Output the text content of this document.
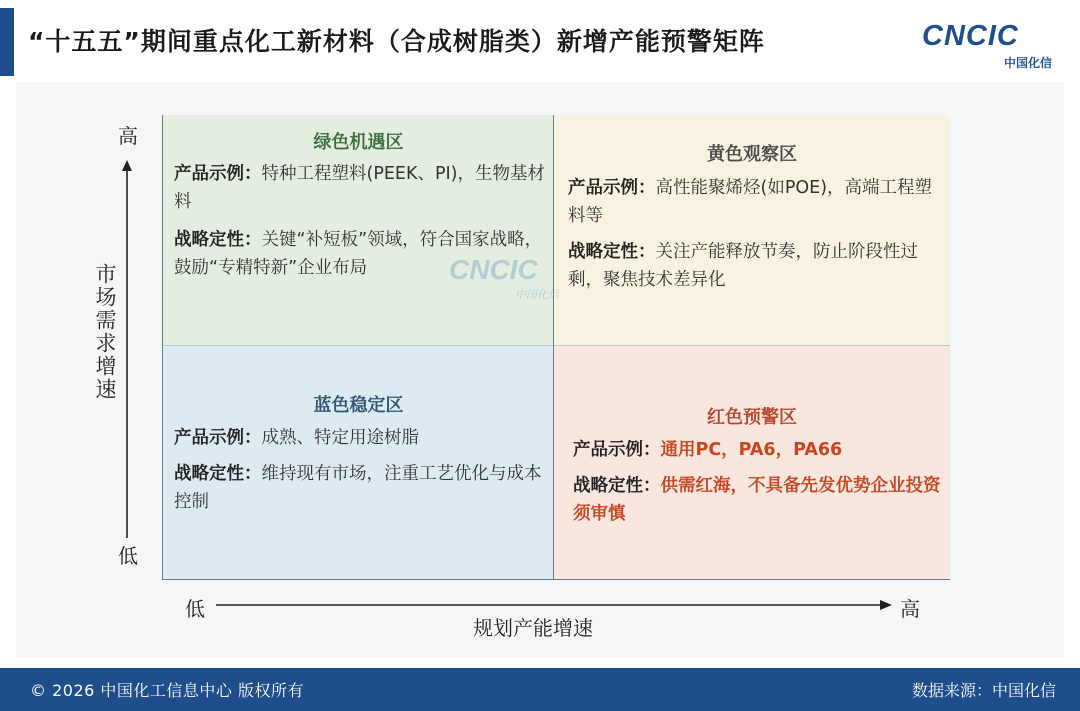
“十五五”期间重点化工新材料（合成树脂类）新增产能预警矩阵	CNCIC
中国化信
绿色机遇区
产品示例：特种工程塑料(PEEK、PI)，生物基材料
战略定性：关键“补短板”领域，符合国家战略，鼓励“专精特新”企业布局
黄色观察区
产品示例：高性能聚烯烃(如POE)，高端工程塑料等
战略定性：关注产能释放节奏，防止阶段性过剩，聚焦技术差异化
蓝色稳定区
产品示例：成熟、特定用途树脂
战略定性：维持现有市场，注重工艺优化与成本控制
红色预警区
产品示例：通用PC，PA6，PA66
战略定性：供需红海，不具备先发优势企业投资须审慎
CNCIC
中国化信
高
市场需求增速
低
低	高
规划产能增速
© 2026 中国化工信息中心 版权所有	数据来源：中国化信
